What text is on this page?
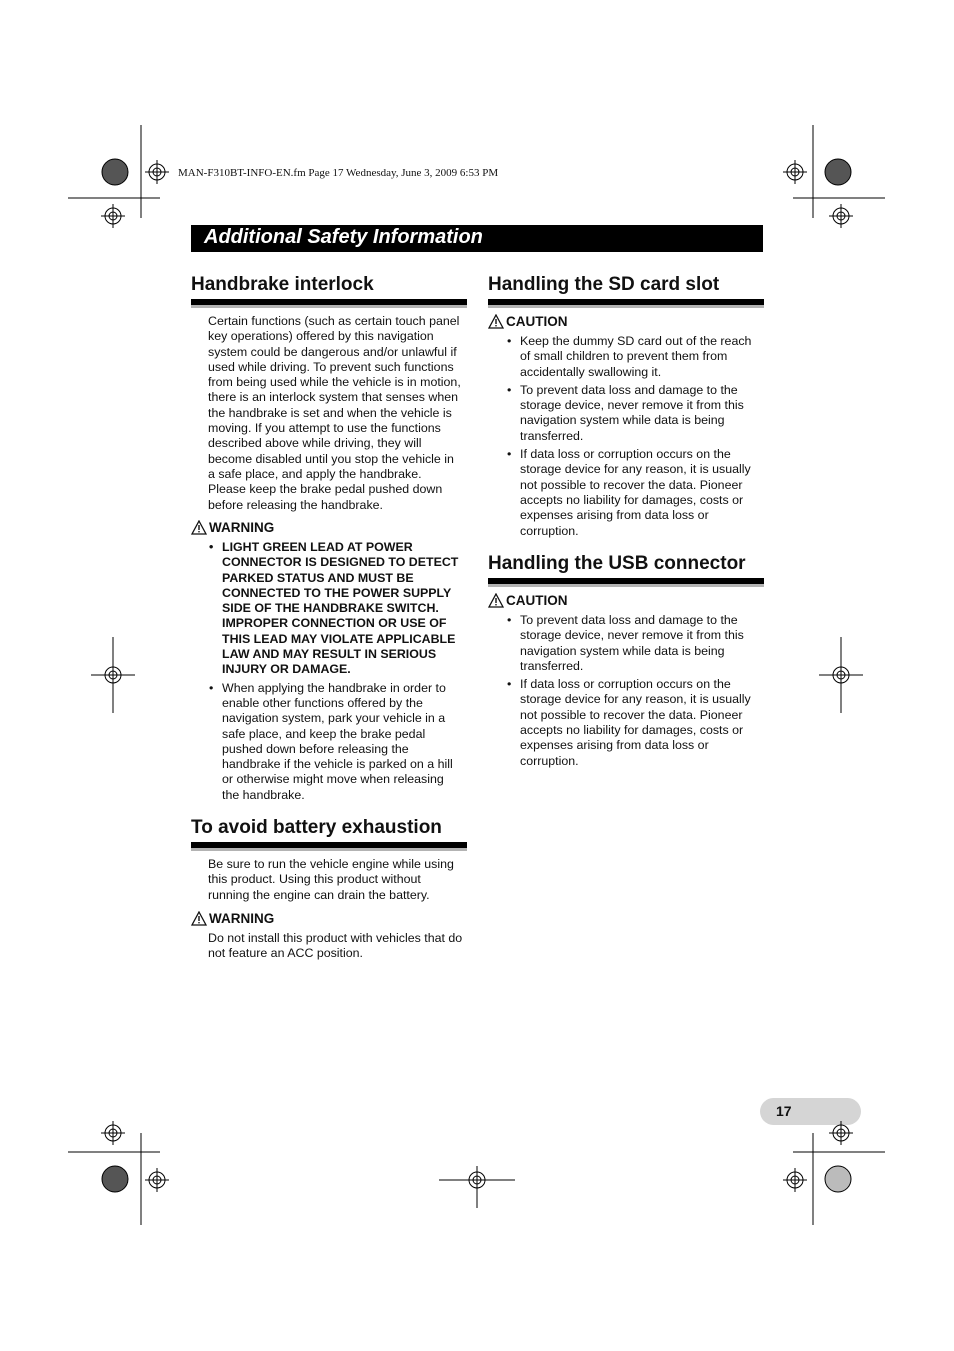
MAN-F310BT-INFO-EN.fm Page 17 Wednesday, June 3, 2009 6:53 PM
Additional Safety Information
Handbrake interlock
Certain functions (such as certain touch panel
key operations) offered by this navigation
system could be dangerous and/or unlawful if
used while driving. To prevent such functions
from being used while the vehicle is in motion,
there is an interlock system that senses when
the handbrake is set and when the vehicle is
moving. If you attempt to use the functions
described above while driving, they will
become disabled until you stop the vehicle in
a safe place, and apply the handbrake.
Please keep the brake pedal pushed down
before releasing the handbrake.
WARNING
• LIGHT GREEN LEAD AT POWER
CONNECTOR IS DESIGNED TO DETECT
PARKED STATUS AND MUST BE
CONNECTED TO THE POWER SUPPLY
SIDE OF THE HANDBRAKE SWITCH.
IMPROPER CONNECTION OR USE OF
THIS LEAD MAY VIOLATE APPLICABLE
LAW AND MAY RESULT IN SERIOUS
INJURY OR DAMAGE.
• When applying the handbrake in order to
enable other functions offered by the
navigation system, park your vehicle in a
safe place, and keep the brake pedal
pushed down before releasing the
handbrake if the vehicle is parked on a hill
or otherwise might move when releasing
the handbrake.
To avoid battery exhaustion
Be sure to run the vehicle engine while using
this product. Using this product without
running the engine can drain the battery.
WARNING
Do not install this product with vehicles that do
not feature an ACC position.
Handling the SD card slot
CAUTION
• Keep the dummy SD card out of the reach
of small children to prevent them from
accidentally swallowing it.
• To prevent data loss and damage to the
storage device, never remove it from this
navigation system while data is being
transferred.
• If data loss or corruption occurs on the
storage device for any reason, it is usually
not possible to recover the data. Pioneer
accepts no liability for damages, costs or
expenses arising from data loss or
corruption.
Handling the USB connector
CAUTION
• To prevent data loss and damage to the
storage device, never remove it from this
navigation system while data is being
transferred.
• If data loss or corruption occurs on the
storage device for any reason, it is usually
not possible to recover the data. Pioneer
accepts no liability for damages, costs or
expenses arising from data loss or
corruption.
17
